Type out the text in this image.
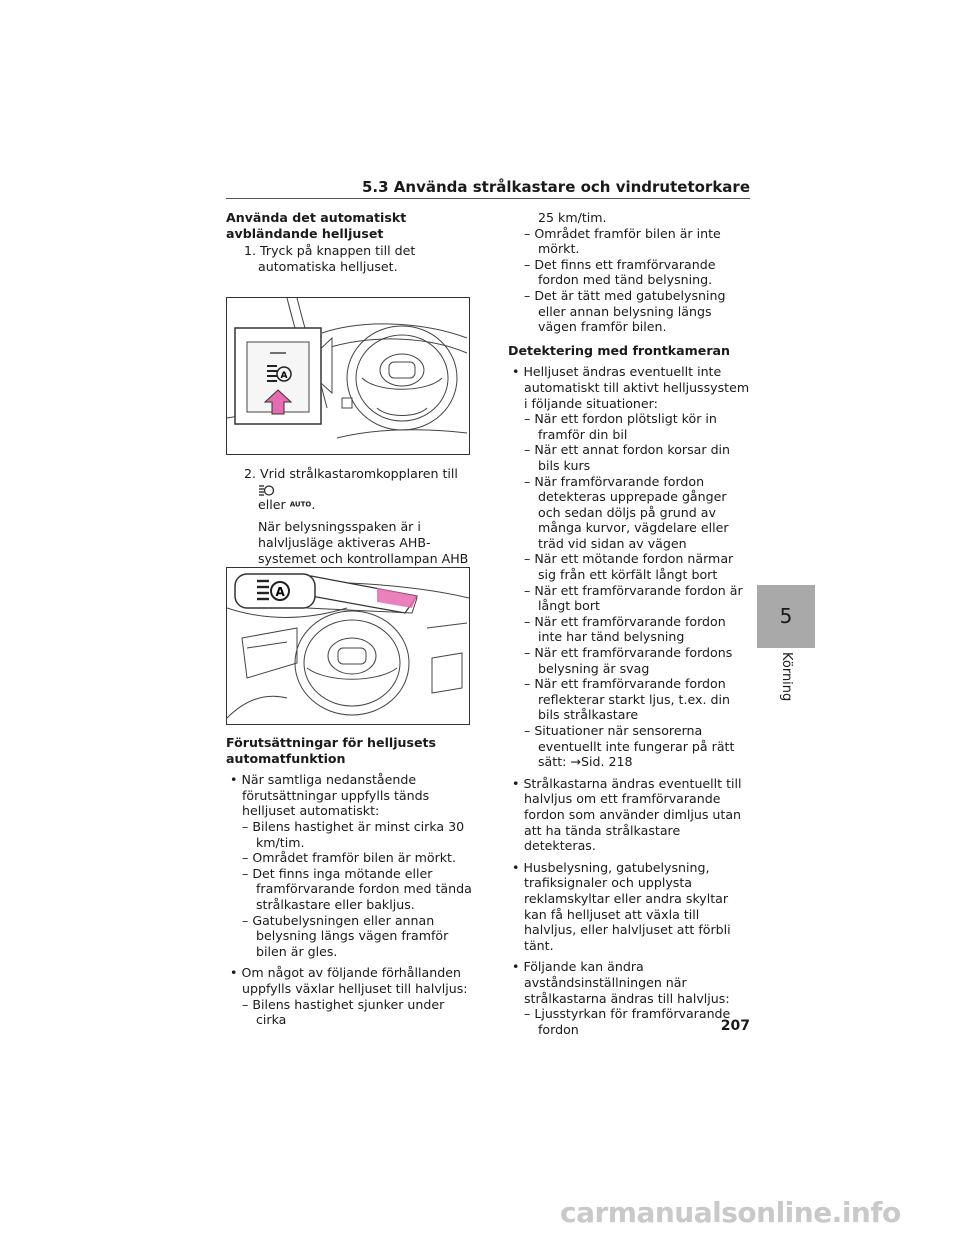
5.3 Använda strålkastare och vindrutetorkare

Använda det automatiskt avbländande helljuset

1. Tryck på knappen till det automatiska helljuset.

A

2. Vrid strålkastaromkopplaren till
eller AUTO.

När belysningsspaken är i halvljusläge aktiveras AHB-systemet och kontrollampan AHB

A

Förutsättningar för helljusets automatfunktion

• När samtliga nedanstående förutsättningar uppfylls tänds helljuset automatiskt:

– Bilens hastighet är minst cirka 30 km/tim.

– Området framför bilen är mörkt.

– Det finns inga mötande eller framförvarande fordon med tända strålkastare eller bakljus.

– Gatubelysningen eller annan belysning längs vägen framför bilen är gles.

• Om något av följande förhållanden uppfylls växlar helljuset till halvljus:

– Bilens hastighet sjunker under cirka

25 km/tim.

– Området framför bilen är inte mörkt.

– Det finns ett framförvarande fordon med tänd belysning.

– Det är tätt med gatubelysning eller annan belysning längs vägen framför bilen.

Detektering med frontkameran

• Helljuset ändras eventuellt inte automatiskt till aktivt helljussystem i följande situationer:

– När ett fordon plötsligt kör in framför din bil

– När ett annat fordon korsar din bils kurs

– När framförvarande fordon detekteras upprepade gånger och sedan döljs på grund av många kurvor, vägdelare eller träd vid sidan av vägen

– När ett mötande fordon närmar sig från ett körfält långt bort

– När ett framförvarande fordon är långt bort

– När ett framförvarande fordon inte har tänd belysning

– När ett framförvarande fordons belysning är svag

– När ett framförvarande fordon reflekterar starkt ljus, t.ex. din bils strålkastare

– Situationer när sensorerna eventuellt inte fungerar på rätt sätt: →Sid. 218

• Strålkastarna ändras eventuellt till halvljus om ett framförvarande fordon som använder dimljus utan att ha tända strålkastare detekteras.

• Husbelysning, gatubelysning, trafiksignaler och upplysta reklamskyltar eller andra skyltar kan få helljuset att växla till halvljus, eller halvljuset att förbli tänt.

• Följande kan ändra avståndsinställningen när strålkastarna ändras till halvljus:

– Ljusstyrkan för framförvarande fordon

5
Körning
207
carmanualsonline.info
